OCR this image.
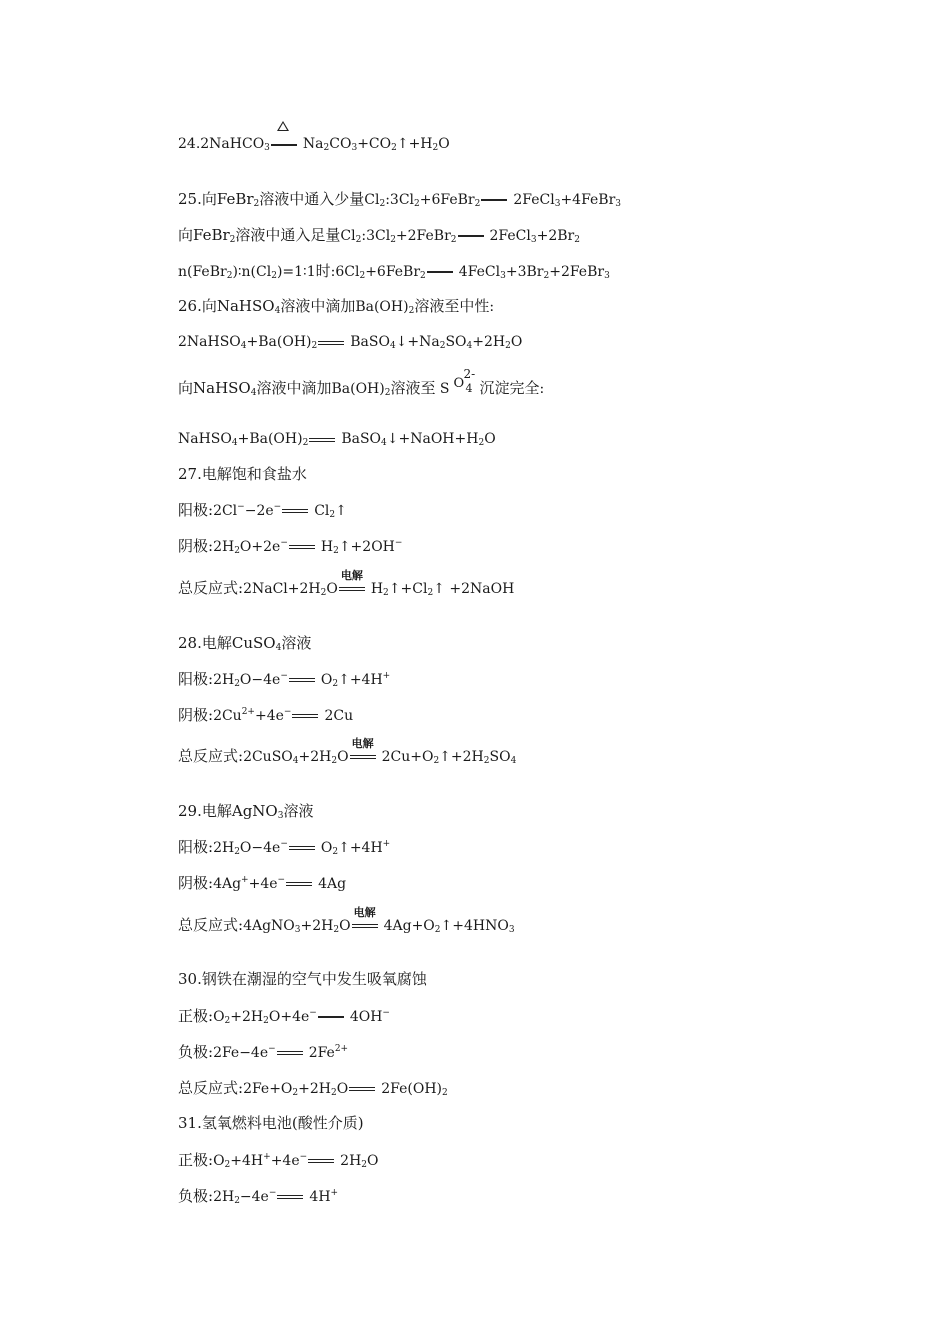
24.2NaHCO$_3$ $Na_2CO_3+CO_2↑+H_2O$
25.向FeBr$_2$溶液中通入少量$Cl_2:3Cl_2+6FeBr_2$ 2FeCl$_3$+4FeBr$_3$
向FeBr$_2$溶液中通入足量$Cl_2:3Cl_2+2FeBr_2$ $2FeCl_3+2Br_2$
$n(FeBr_2)∶n(Cl_2)=1∶1$时$:6Cl_2+6FeBr_2$ $4FeCl_3+3Br_2+2FeBr_3$
26.向NaHSO$_4$溶液中滴加$Ba(OH)_2$溶液至中性:
$2NaHSO_4+Ba(OH)_2$ $BaSO_4↓+Na_2SO_4+2H_2O$
向NaHSO$_4$溶液中滴加$Ba(OH)_2$溶液至 S O
2-
4 沉淀完全:
$NaHSO_4+Ba(OH)_2$ $BaSO_4↓+NaOH+H_2O$
27.电解饱和食盐水
阳极:2Cl−−2e− $Cl_2↑$
阴极$:2H_2O+2e^-$ $H_2↑+2OH^-$
总反应式$:2NaCl+2H_2O$
电解
$H_2↑+Cl_2↑$ +2NaOH
28.电解CuSO$_4$溶液
阳极$:2H_2O-4e^-$ $O_2↑+4H^+$
阴极$:2Cu^{2+}+4e^-$ 2Cu
总反应式$:2CuSO_4+2H_2O$
电解
$2Cu+O_2↑+2H_2SO_4$
29.电解AgNO$_3$溶液
阳极$:2H_2O-4e^-$ $O_2↑+4H^+$
阴极:4Ag++4e− 4Ag
总反应式$:4AgNO_3+2H_2O$
电解
$4Ag+O_2↑+4HNO_3$
30.钢铁在潮湿的空气中发生吸氧腐蚀
正极$:O_2+2H_2O+4e^-$ 4OH−
负极:2Fe−4e− $2Fe^{2+}$
总反应式$:2Fe+O_2+2H_2O$ $2Fe(OH)_2$
31.氢氧燃料电池(酸性介质)
正极$:O_2+4H^++4e^-$ $2H_2O$
负极$:2H_2-4e^-$ 4H+
